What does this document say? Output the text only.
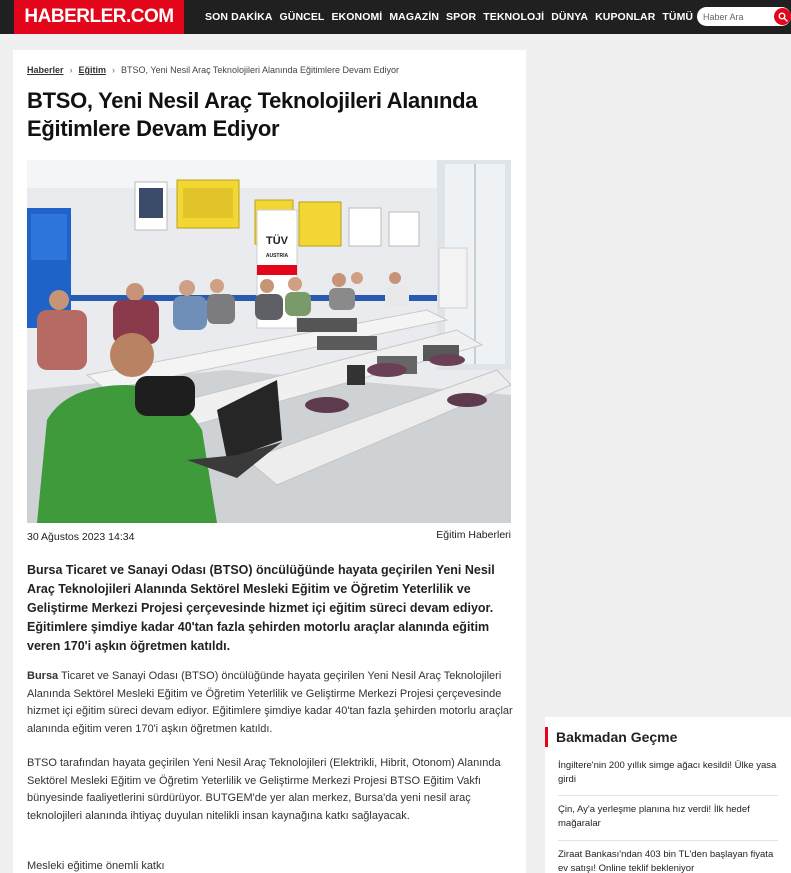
HABERLER.COM	SON DAKİKA GÜNCEL EKONOMİ MAGAZİN SPOR TEKNOLOJİ DÜNYA KUPONLAR TÜMÜ
Haber Ara
Haberler › Eğitim › BTSO, Yeni Nesil Araç Teknolojileri Alanında Eğitimlere Devam Ediyor
BTSO, Yeni Nesil Araç Teknolojileri Alanında Eğitimlere Devam Ediyor
TÜV
AUSTRIA
30 Ağustos 2023 14:34	Eğitim Haberleri

Bursa Ticaret ve Sanayi Odası (BTSO) öncülüğünde hayata geçirilen Yeni Nesil Araç Teknolojileri Alanında Sektörel Mesleki Eğitim ve Öğretim Yeterlilik ve Geliştirme Merkezi Projesi çerçevesinde hizmet içi eğitim süreci devam ediyor. Eğitimlere şimdiye kadar 40'tan fazla şehirden motorlu araçlar alanında eğitim veren 170'i aşkın öğretmen katıldı.

Bursa Ticaret ve Sanayi Odası (BTSO) öncülüğünde hayata geçirilen Yeni Nesil Araç Teknolojileri Alanında Sektörel Mesleki Eğitim ve Öğretim Yeterlilik ve Geliştirme Merkezi Projesi çerçevesinde hizmet içi eğitim süreci devam ediyor. Eğitimlere şimdiye kadar 40'tan fazla şehirden motorlu araçlar alanında eğitim veren 170'i aşkın öğretmen katıldı.

BTSO tarafından hayata geçirilen Yeni Nesil Araç Teknolojileri (Elektrikli, Hibrit, Otonom) Alanında Sektörel Mesleki Eğitim ve Öğretim Yeterlilik ve Geliştirme Merkezi Projesi BTSO Eğitim Vakfı bünyesinde faaliyetlerini sürdürüyor. BUTGEM'de yer alan merkez, Bursa'da yeni nesil araç teknolojileri alanında ihtiyaç duyulan nitelikli insan kaynağına katkı sağlayacak.

Mesleki eğitime önemli katkı
Bakmadan Geçme
İngiltere'nin 200 yıllık simge ağacı kesildi! Ülke yasa girdi
Çin, Ay'a yerleşme planına hız verdi! İlk hedef mağaralar
Ziraat Bankası'ndan 403 bin TL'den başlayan fiyata ev satışı! Online teklif bekleniyor
